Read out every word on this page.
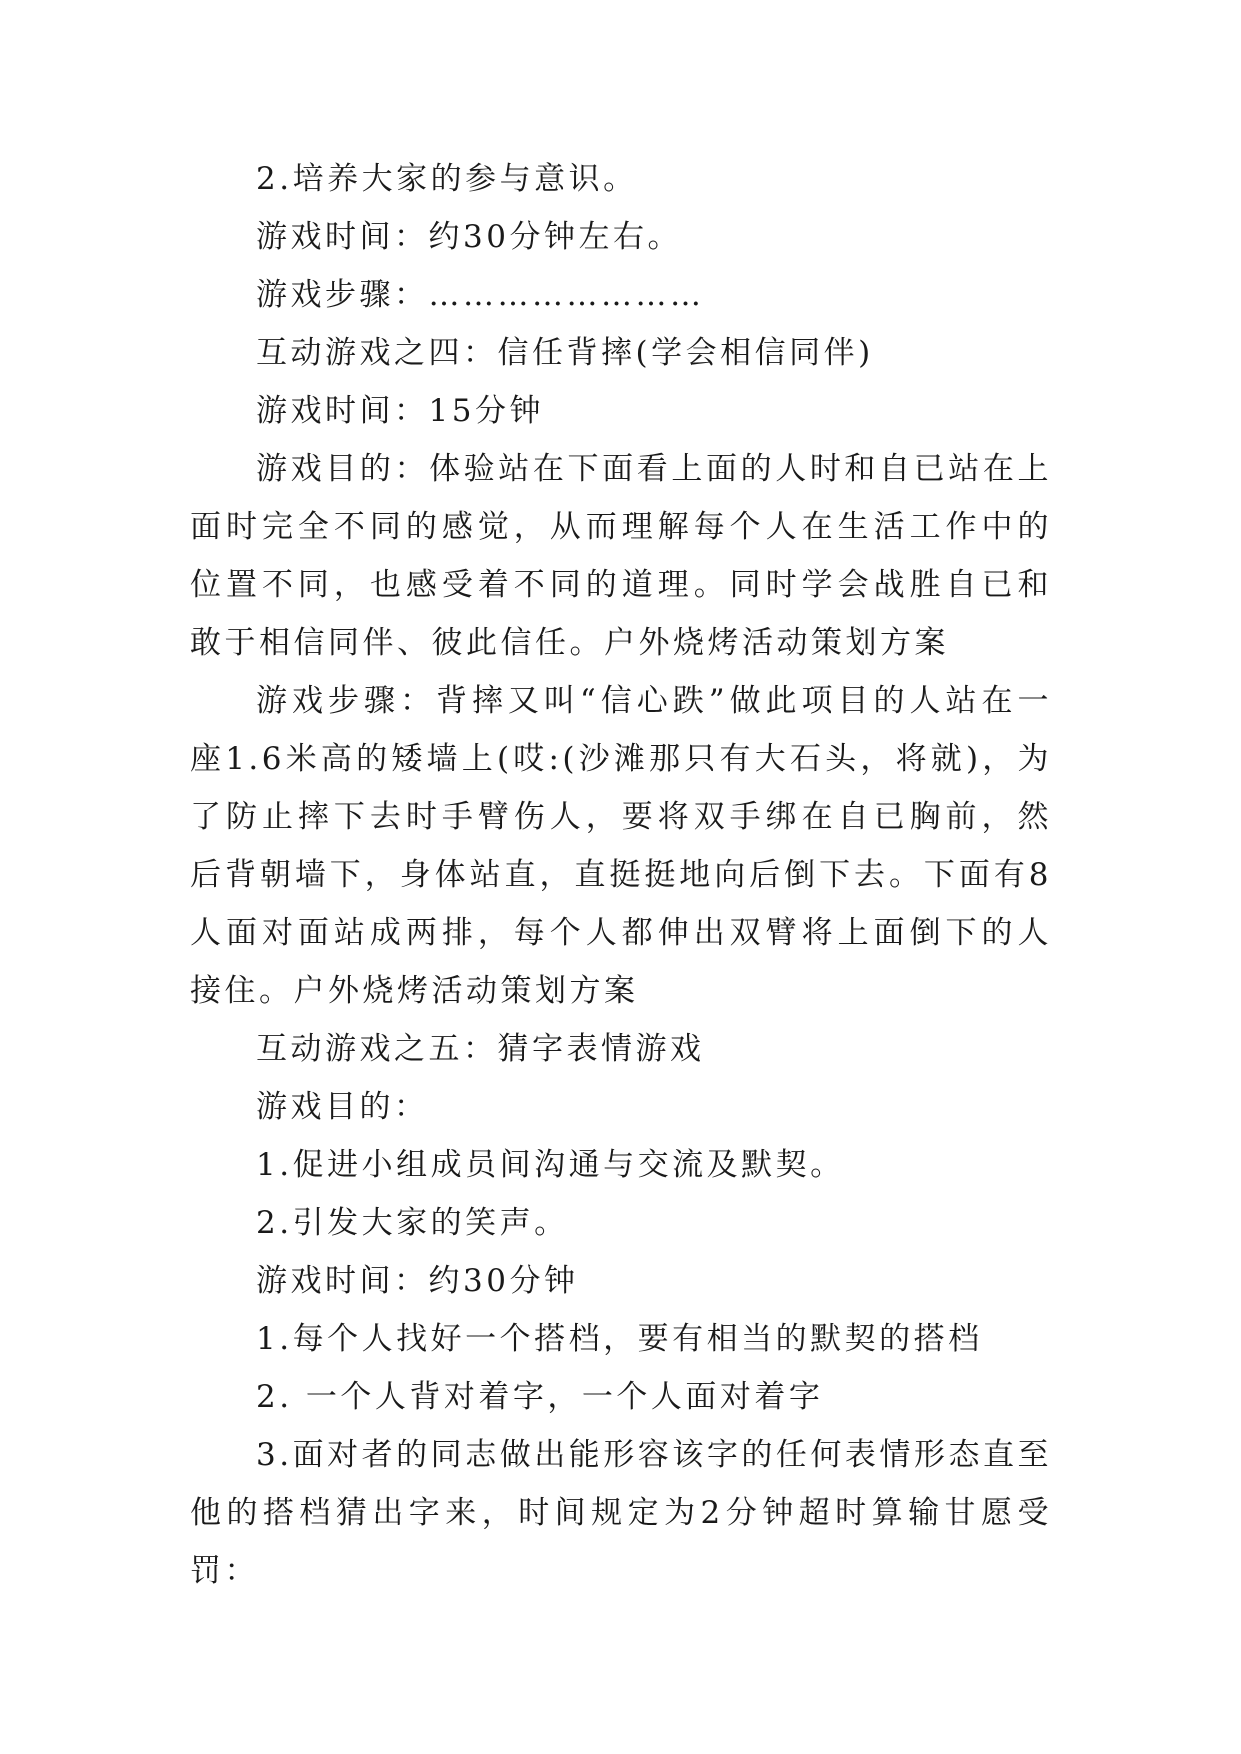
2.培养大家的参与意识。

游戏时间：约30分钟左右。

游戏步骤：……………………

互动游戏之四：信任背摔(学会相信同伴)

游戏时间：15分钟

游戏目的：体验站在下面看上面的人时和自已站在上面时完全不同的感觉，从而理解每个人在生活工作中的位置不同，也感受着不同的道理。同时学会战胜自已和敢于相信同伴、彼此信任。户外烧烤活动策划方案

游戏步骤：背摔又叫“信心跌”做此项目的人站在一座1.6米高的矮墙上(哎:(沙滩那只有大石头，将就)，为了防止摔下去时手臂伤人，要将双手绑在自已胸前，然后背朝墙下，身体站直，直挺挺地向后倒下去。下面有8人面对面站成两排，每个人都伸出双臂将上面倒下的人接住。户外烧烤活动策划方案

互动游戏之五：猜字表情游戏

游戏目的：

1.促进小组成员间沟通与交流及默契。

2.引发大家的笑声。

游戏时间：约30分钟

1.每个人找好一个搭档，要有相当的默契的搭档

2. 一个人背对着字，一个人面对着字

3.面对者的同志做出能形容该字的任何表情形态直至他的搭档猜出字来，时间规定为2分钟超时算输甘愿受罚：
